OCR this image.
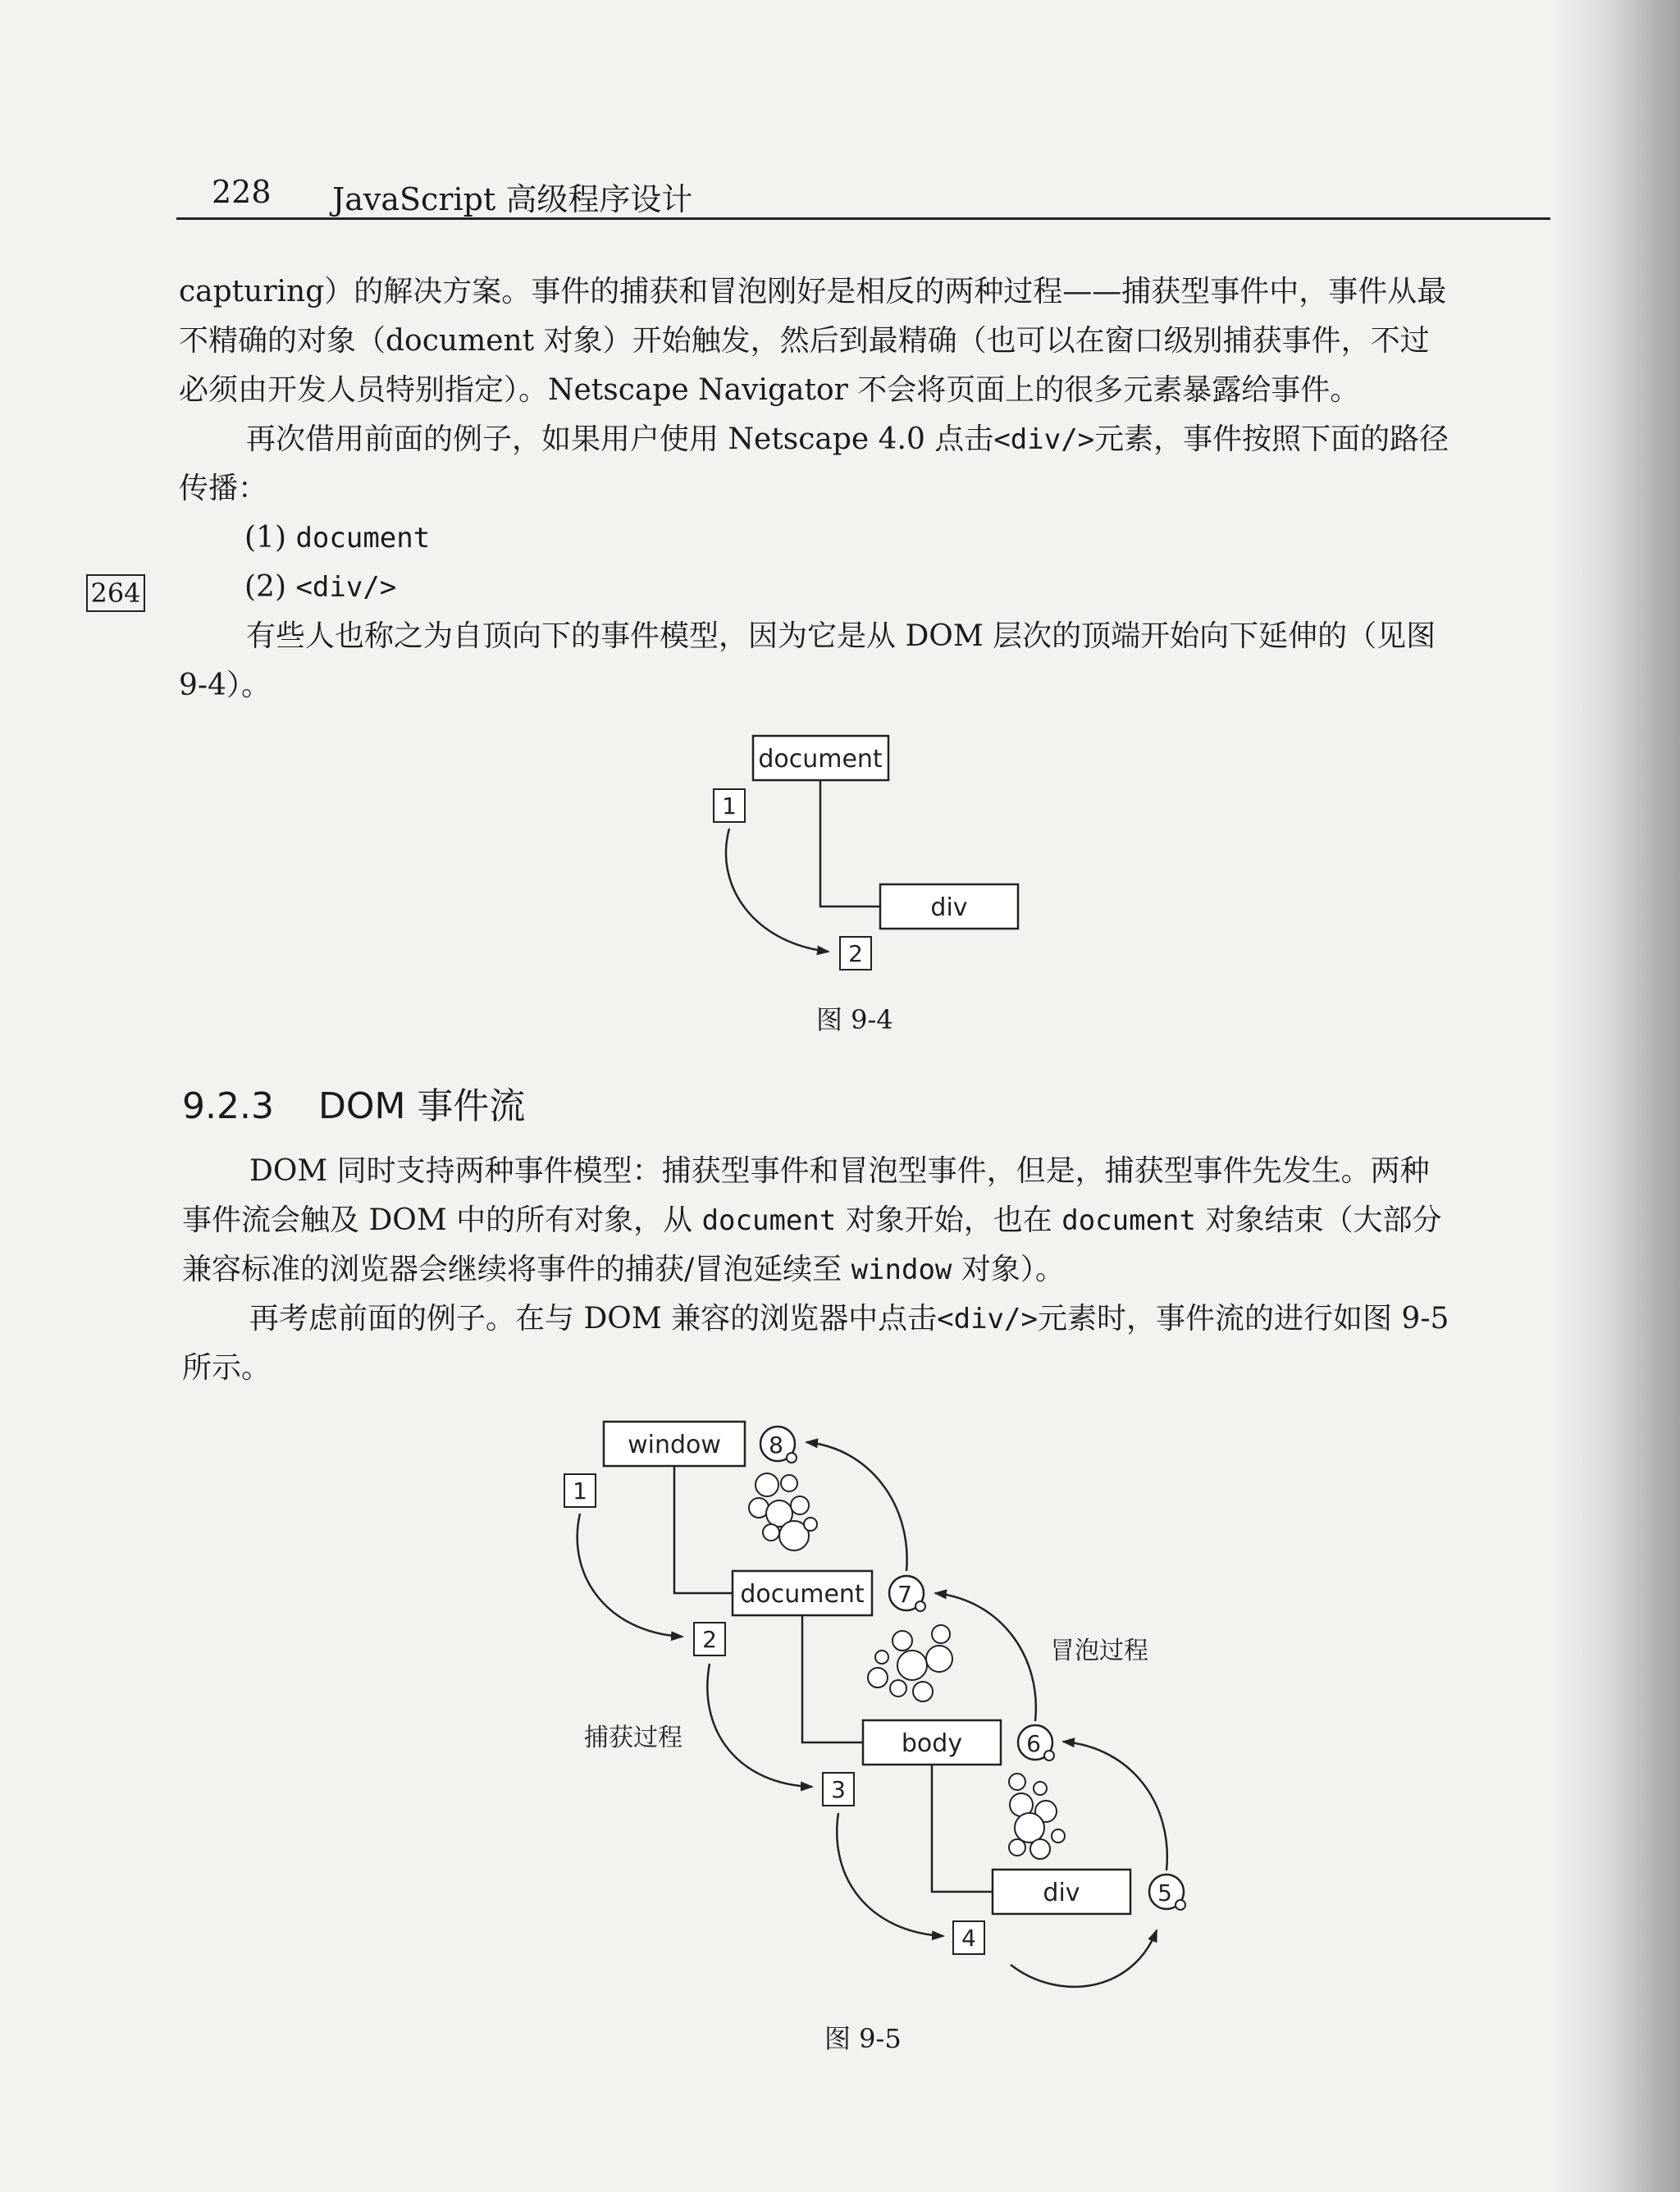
228 JavaScript 高级程序设计

capturing）的解决方案。事件的捕获和冒泡刚好是相反的两种过程——捕获型事件中，事件从最

不精确的对象（document 对象）开始触发，然后到最精确（也可以在窗口级别捕获事件，不过

必须由开发人员特别指定）。Netscape Navigator 不会将页面上的很多元素暴露给事件。

再次借用前面的例子，如果用户使用 Netscape 4.0 点击<div/>元素，事件按照下面的路径

传播：

(1) document

(2) <div/>

264

有些人也称之为自顶向下的事件模型，因为它是从 DOM 层次的顶端开始向下延伸的（见图

9-4）。

document
div
1
2
图 9-4
9.2.3 DOM 事件流

DOM 同时支持两种事件模型：捕获型事件和冒泡型事件，但是，捕获型事件先发生。两种

事件流会触及 DOM 中的所有对象，从 document 对象开始，也在 document 对象结束（大部分

兼容标准的浏览器会继续将事件的捕获/冒泡延续至 window 对象）。

再考虑前面的例子。在与 DOM 兼容的浏览器中点击<div/>元素时，事件流的进行如图 9-5

所示。

window
document
body
div
1
2
3
4
5
6
7
8
捕获过程
冒泡过程
图 9-5
